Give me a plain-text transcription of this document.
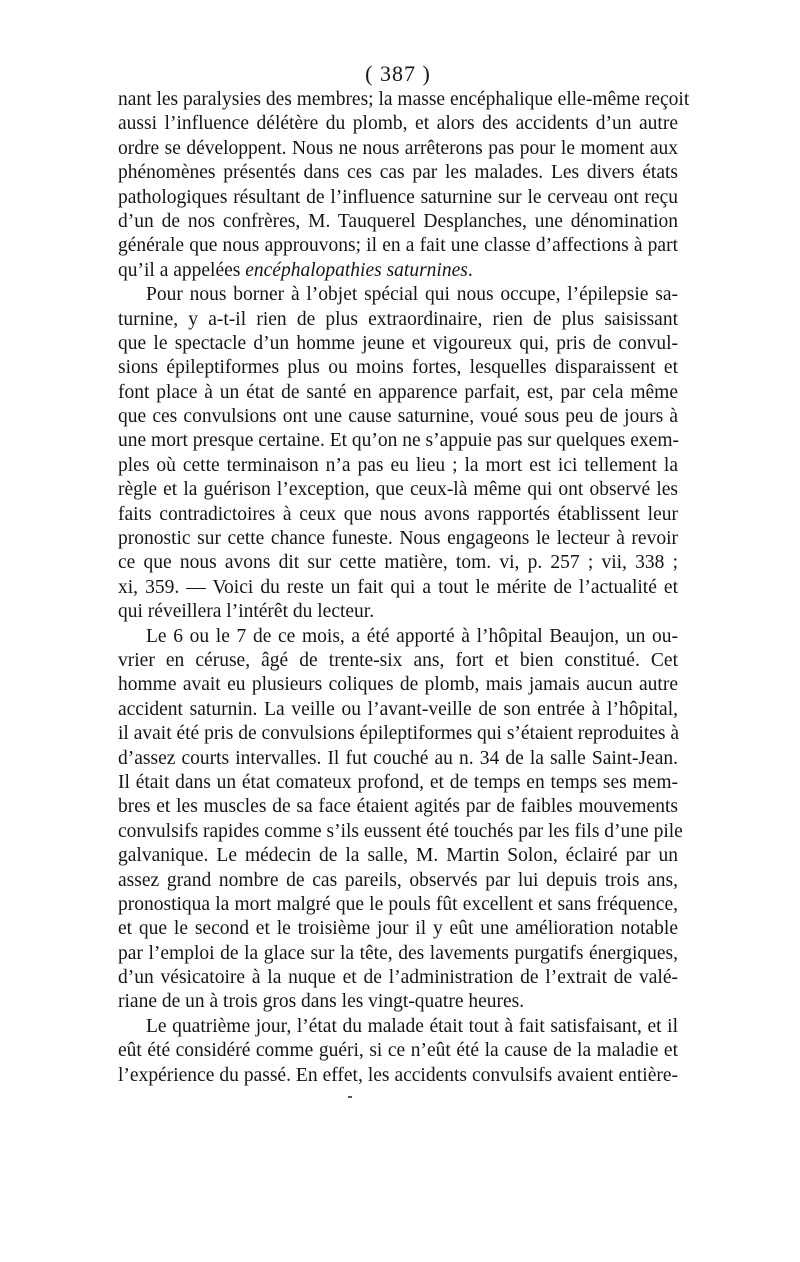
( 387 )
nant les paralysies des membres; la masse encéphalique elle-même reçoit
aussi l’influence délétère du plomb, et alors des accidents d’un autre
ordre se développent. Nous ne nous arrêterons pas pour le moment aux
phénomènes présentés dans ces cas par les malades. Les divers états
pathologiques résultant de l’influence saturnine sur le cerveau ont reçu
d’un de nos confrères, M. Tauquerel Desplanches, une dénomination
générale que nous approuvons; il en a fait une classe d’affections à part
qu’il a appelées encéphalopathies saturnines.
Pour nous borner à l’objet spécial qui nous occupe, l’épilepsie sa-
turnine, y a-t-il rien de plus extraordinaire, rien de plus saisissant
que le spectacle d’un homme jeune et vigoureux qui, pris de convul-
sions épileptiformes plus ou moins fortes, lesquelles disparaissent et
font place à un état de santé en apparence parfait, est, par cela même
que ces convulsions ont une cause saturnine, voué sous peu de jours à
une mort presque certaine. Et qu’on ne s’appuie pas sur quelques exem-
ples où cette terminaison n’a pas eu lieu ; la mort est ici tellement la
règle et la guérison l’exception, que ceux-là même qui ont observé les
faits contradictoires à ceux que nous avons rapportés établissent leur
pronostic sur cette chance funeste. Nous engageons le lecteur à revoir
ce que nous avons dit sur cette matière, tom. vi, p. 257 ; vii, 338 ;
xi, 359. — Voici du reste un fait qui a tout le mérite de l’actualité et
qui réveillera l’intérêt du lecteur.
Le 6 ou le 7 de ce mois, a été apporté à l’hôpital Beaujon, un ou-
vrier en céruse, âgé de trente-six ans, fort et bien constitué. Cet
homme avait eu plusieurs coliques de plomb, mais jamais aucun autre
accident saturnin. La veille ou l’avant-veille de son entrée à l’hôpital,
il avait été pris de convulsions épileptiformes qui s’étaient reproduites à
d’assez courts intervalles. Il fut couché au n. 34 de la salle Saint-Jean.
Il était dans un état comateux profond, et de temps en temps ses mem-
bres et les muscles de sa face étaient agités par de faibles mouvements
convulsifs rapides comme s’ils eussent été touchés par les fils d’une pile
galvanique. Le médecin de la salle, M. Martin Solon, éclairé par un
assez grand nombre de cas pareils, observés par lui depuis trois ans,
pronostiqua la mort malgré que le pouls fût excellent et sans fréquence,
et que le second et le troisième jour il y eût une amélioration notable
par l’emploi de la glace sur la tête, des lavements purgatifs énergiques,
d’un vésicatoire à la nuque et de l’administration de l’extrait de valé-
riane de un à trois gros dans les vingt-quatre heures.
Le quatrième jour, l’état du malade était tout à fait satisfaisant, et il
eût été considéré comme guéri, si ce n’eût été la cause de la maladie et
l’expérience du passé. En effet, les accidents convulsifs avaient entière-
